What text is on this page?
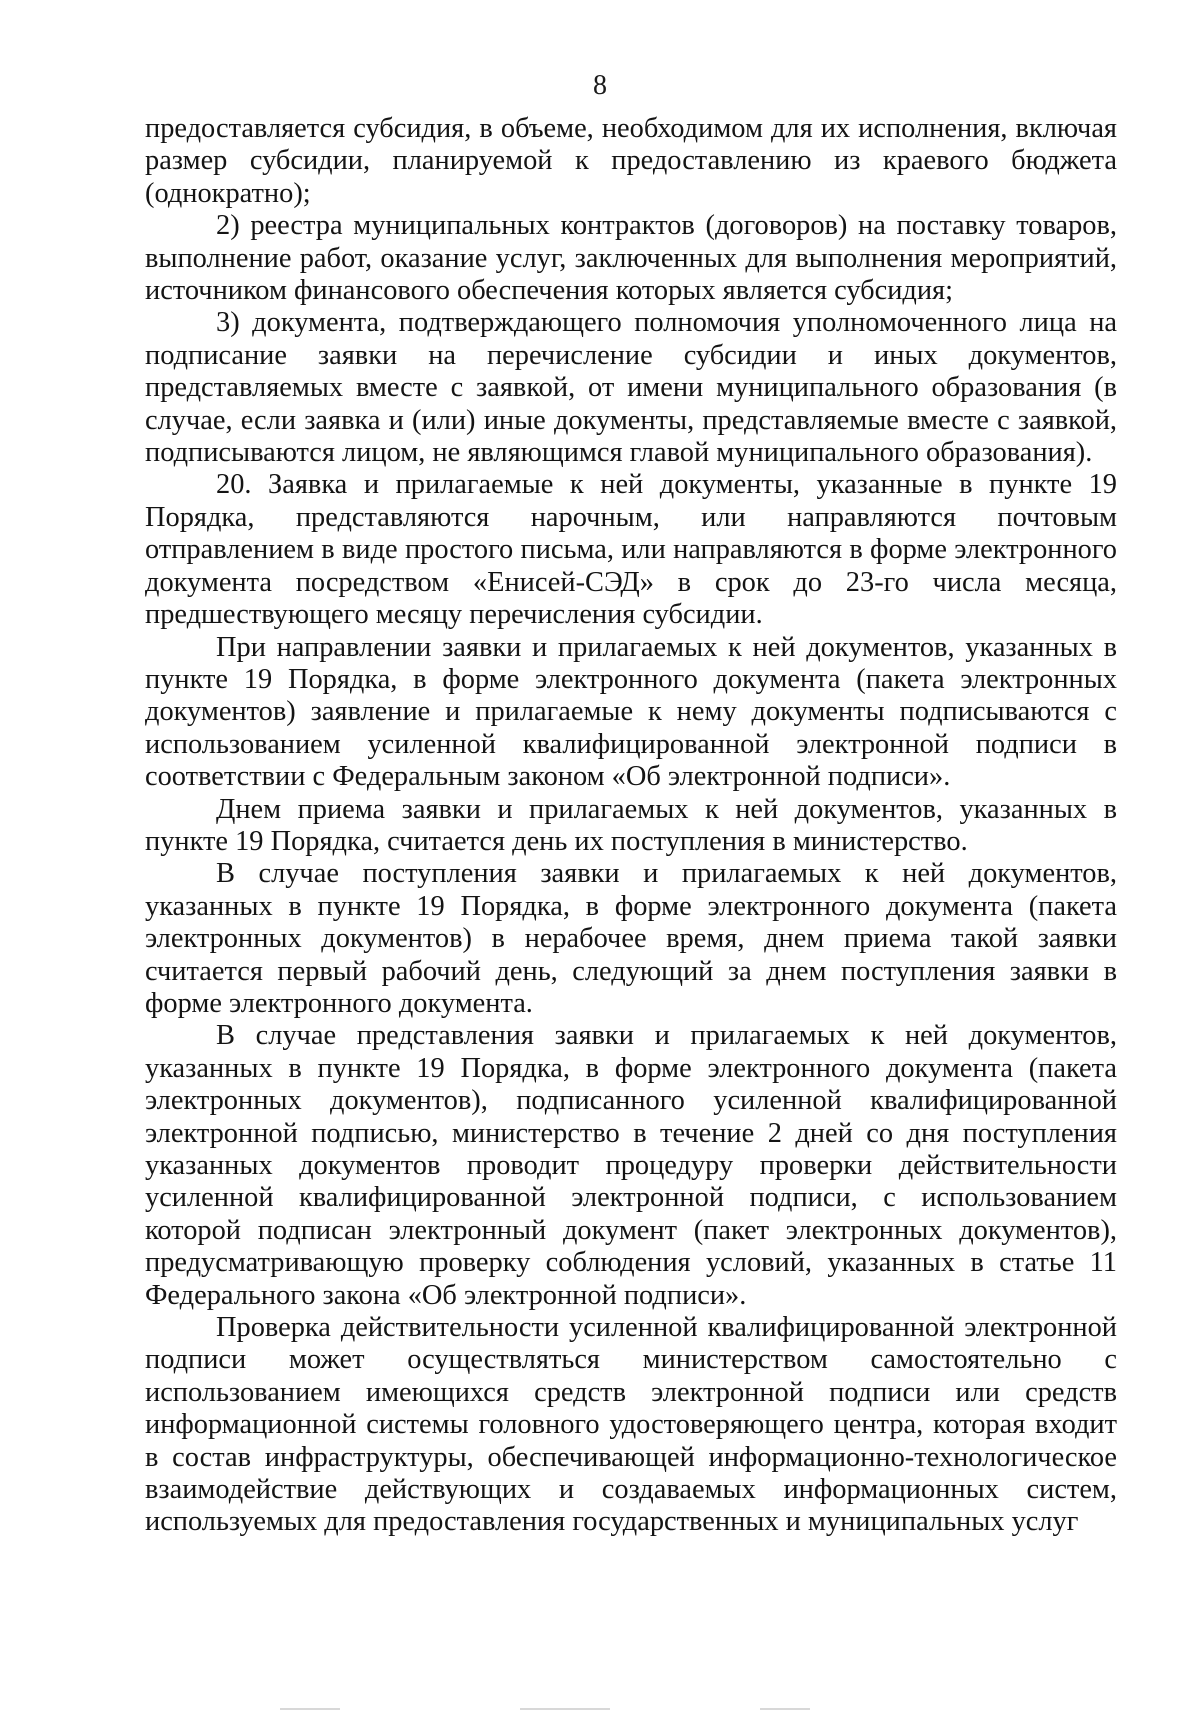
8

предоставляется субсидия, в объеме, необходимом для их исполнения, включая размер субсидии, планируемой к предоставлению из краевого бюджета (однократно);

2) реестра муниципальных контрактов (договоров) на поставку товаров, выполнение работ, оказание услуг, заключенных для выполнения мероприятий, источником финансового обеспечения которых является субсидия;

3) документа, подтверждающего полномочия уполномоченного лица на подписание заявки на перечисление субсидии и иных документов, представляемых вместе с заявкой, от имени муниципального образования (в случае, если заявка и (или) иные документы, представляемые вместе с заявкой, подписываются лицом, не являющимся главой муниципального образования).

20. Заявка и прилагаемые к ней документы, указанные в пункте 19 Порядка, представляются нарочным, или направляются почтовым отправлением в виде простого письма, или направляются в форме электронного документа посредством «Енисей-СЭД» в срок до 23-го числа месяца, предшествующего месяцу перечисления субсидии.

При направлении заявки и прилагаемых к ней документов, указанных в пункте 19 Порядка, в форме электронного документа (пакета электронных документов) заявление и прилагаемые к нему документы подписываются с использованием усиленной квалифицированной электронной подписи в соответствии с Федеральным законом «Об электронной подписи».

Днем приема заявки и прилагаемых к ней документов, указанных в пункте 19 Порядка, считается день их поступления в министерство.

В случае поступления заявки и прилагаемых к ней документов, указанных в пункте 19 Порядка, в форме электронного документа (пакета электронных документов) в нерабочее время, днем приема такой заявки считается первый рабочий день, следующий за днем поступления заявки в форме электронного документа.

В случае представления заявки и прилагаемых к ней документов, указанных в пункте 19 Порядка, в форме электронного документа (пакета электронных документов), подписанного усиленной квалифицированной электронной подписью, министерство в течение 2 дней со дня поступления указанных документов проводит процедуру проверки действительности усиленной квалифицированной электронной подписи, с использованием которой подписан электронный документ (пакет электронных документов), предусматривающую проверку соблюдения условий, указанных в статье 11 Федерального закона «Об электронной подписи».

Проверка действительности усиленной квалифицированной электронной подписи может осуществляться министерством самостоятельно с использованием имеющихся средств электронной подписи или средств информационной системы головного удостоверяющего центра, которая входит в состав инфраструктуры, обеспечивающей информационно-технологическое взаимодействие действующих и создаваемых информационных систем, используемых для предоставления государственных и муниципальных услуг
